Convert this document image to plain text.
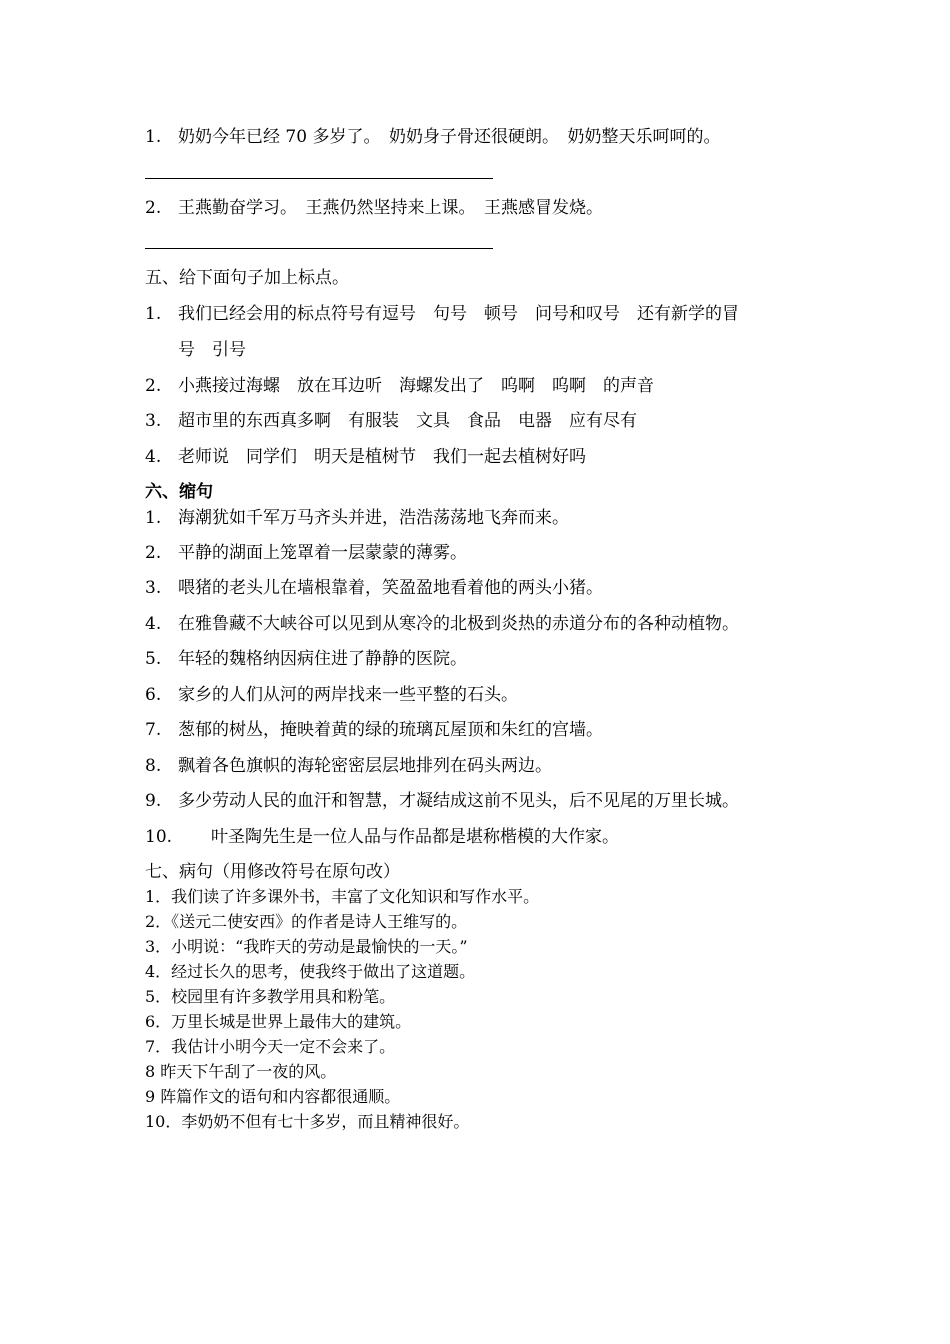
1. 奶奶今年已经 70 多岁了。　奶奶身子骨还很硬朗。　奶奶整天乐呵呵的。
2. 王燕勤奋学习。　王燕仍然坚持来上课。　王燕感冒发烧。
五、给下面句子加上标点。
1. 我们已经会用的标点符号有逗号　句号　顿号　问号和叹号　还有新学的冒
号　引号
2. 小燕接过海螺　放在耳边听　海螺发出了　呜啊　呜啊　的声音
3. 超市里的东西真多啊　有服装　文具　食品　电器　应有尽有
4. 老师说　同学们　明天是植树节　我们一起去植树好吗
六、缩句
1. 海潮犹如千军万马齐头并进，浩浩荡荡地飞奔而来。
2. 平静的湖面上笼罩着一层蒙蒙的薄雾。
3. 喂猪的老头儿在墙根靠着，笑盈盈地看着他的两头小猪。
4. 在雅鲁藏不大峡谷可以见到从寒冷的北极到炎热的赤道分布的各种动植物。
5. 年轻的魏格纳因病住进了静静的医院。
6. 家乡的人们从河的两岸找来一些平整的石头。
7. 葱郁的树丛，掩映着黄的绿的琉璃瓦屋顶和朱红的宫墙。
8. 飘着各色旗帜的海轮密密层层地排列在码头两边。
9. 多少劳动人民的血汗和智慧，才凝结成这前不见头，后不见尾的万里长城。
10. 叶圣陶先生是一位人品与作品都是堪称楷模的大作家。
七、病句（用修改符号在原句改）
1．我们读了许多课外书，丰富了文化知识和写作水平。
2．《送元二使安西》的作者是诗人王维写的。
3．小明说：“我昨天的劳动是最愉快的一天。”
4．经过长久的思考，使我终于做出了这道题。
5．校园里有许多教学用具和粉笔。
6．万里长城是世界上最伟大的建筑。
7．我估计小明今天一定不会来了。
8 昨天下午刮了一夜的风。
9 阵篇作文的语句和内容都很通顺。
10．李奶奶不但有七十多岁，而且精神很好。
